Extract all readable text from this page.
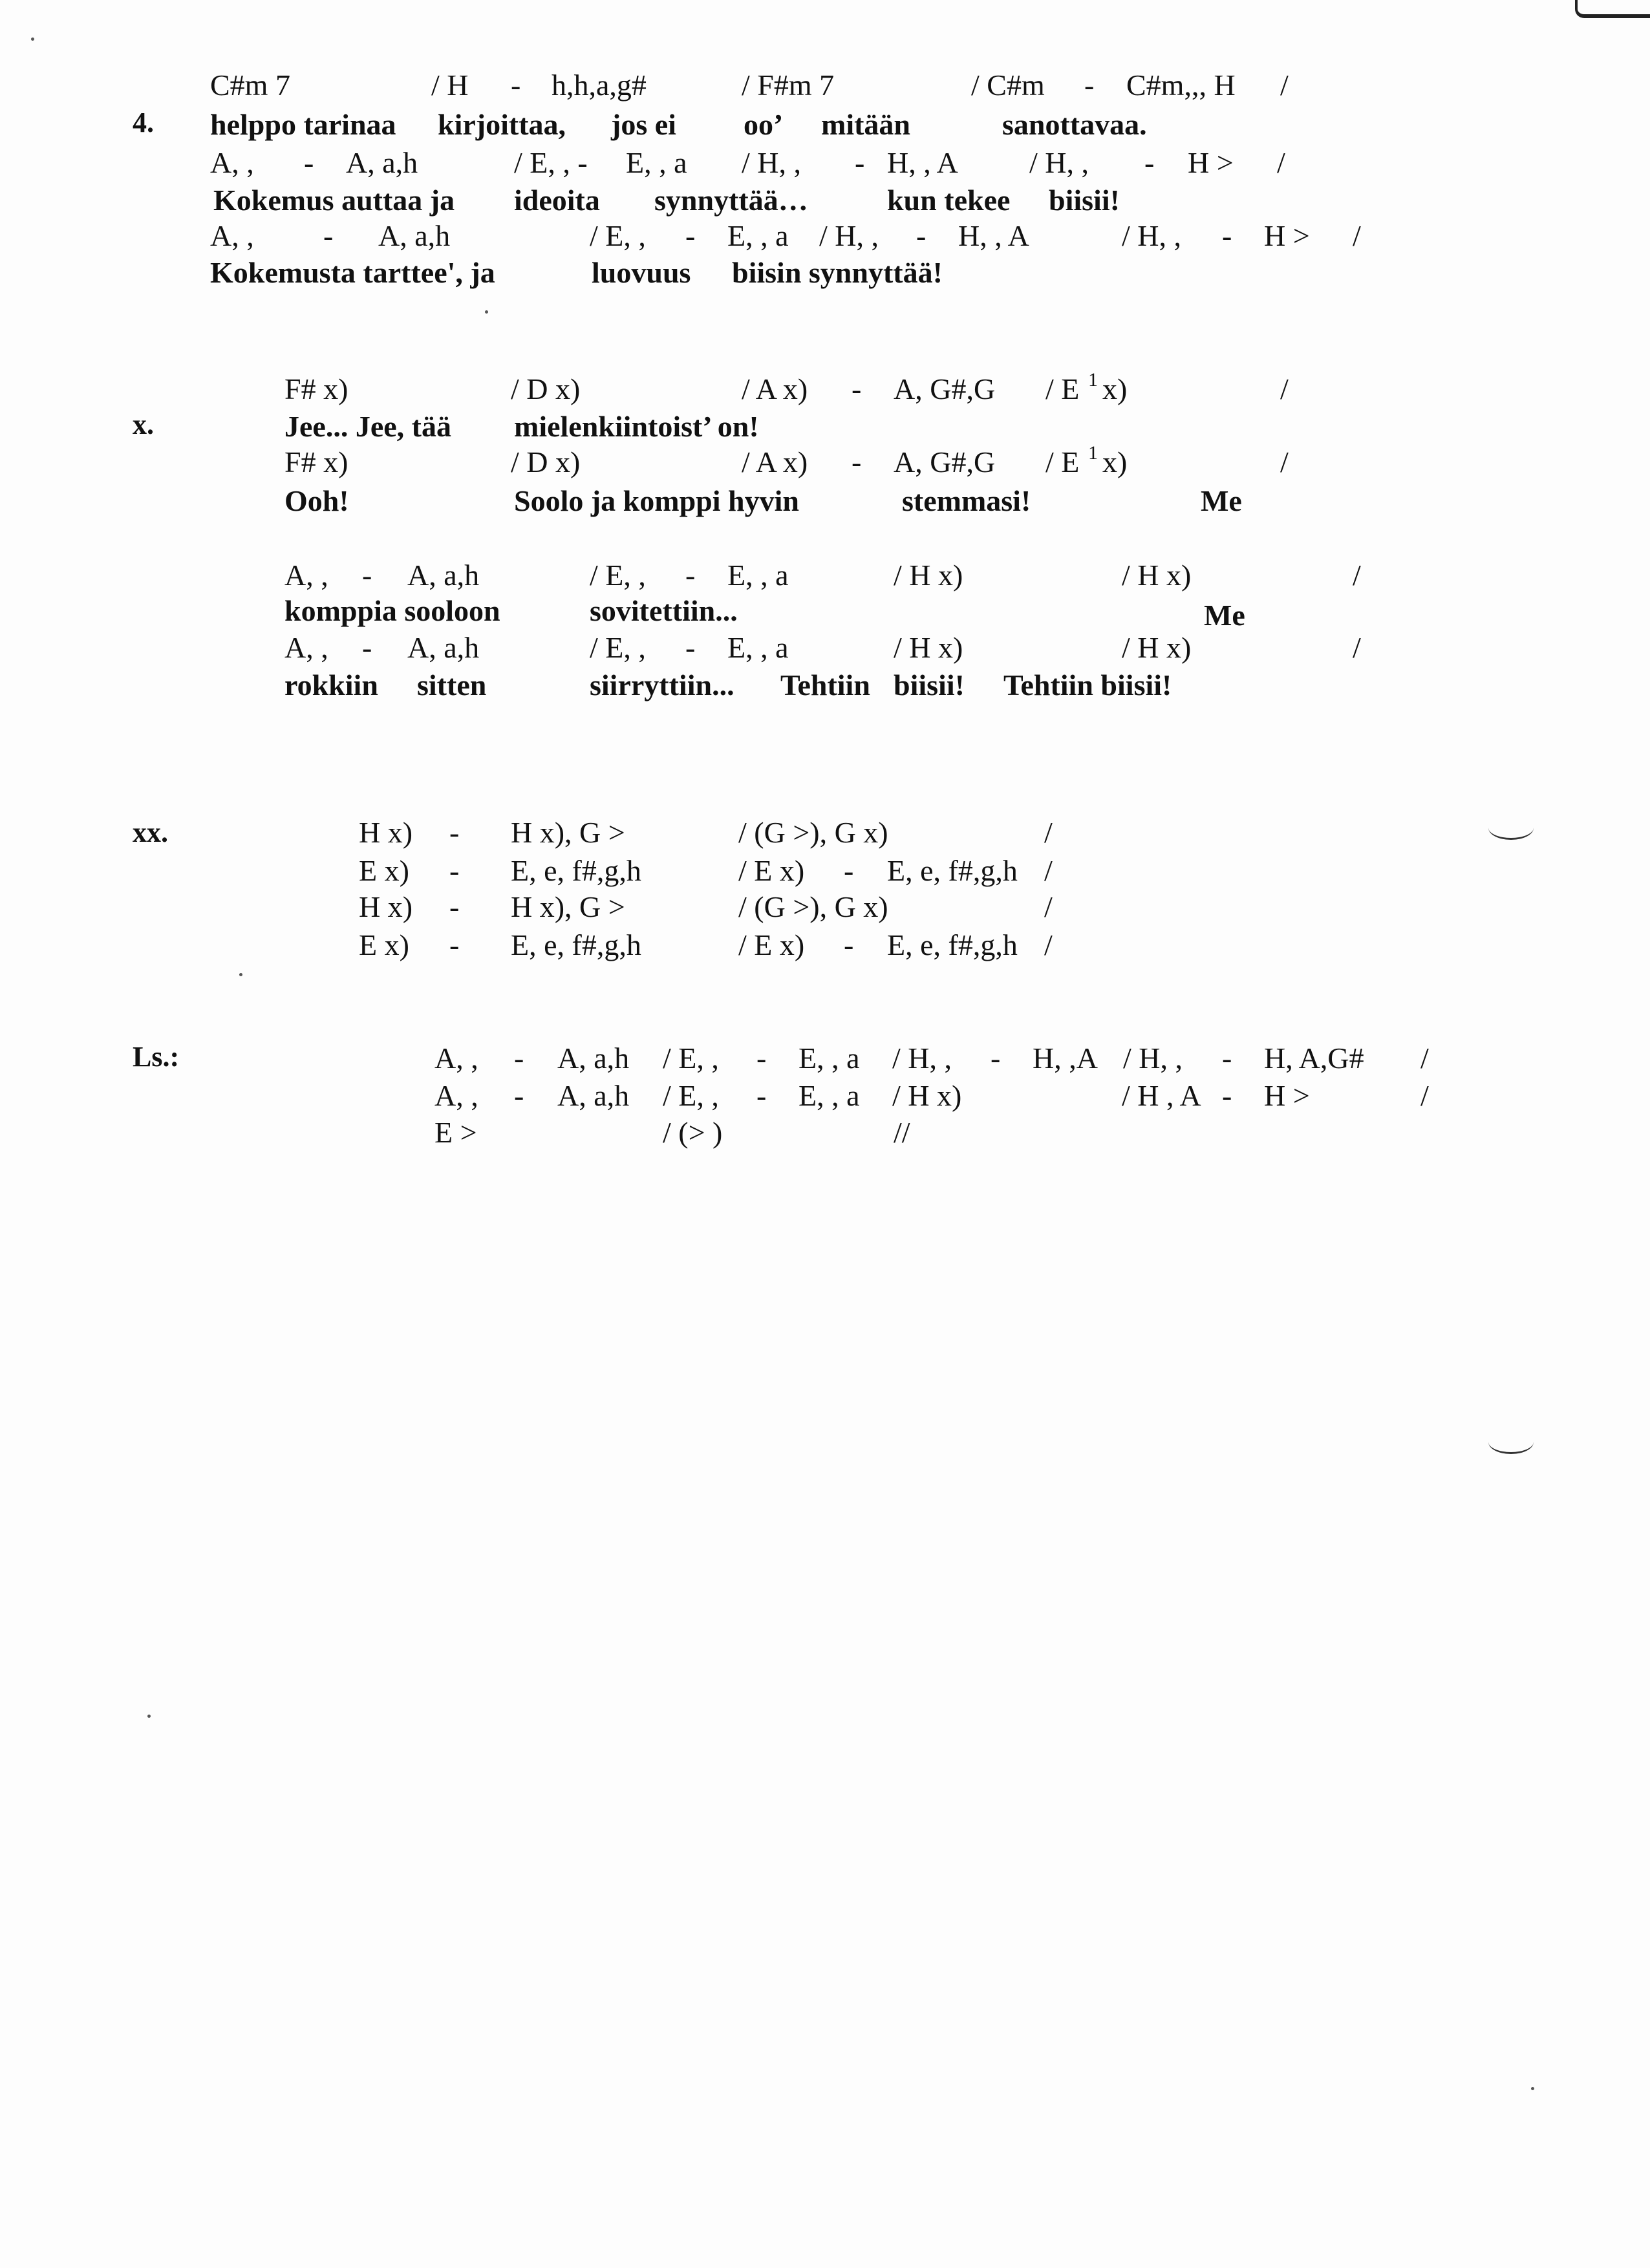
4.
C#m 7	/ H - h,h,a,g#	/ F#m 7	/ C#m - C#m,,, H /
helppo tarinaa kirjoittaa, jos ei oo’ mitään	sanottavaa.
A, , - A, a,h	/ E, , - E, , a / H, , - H, , A / H, , - H > /
Kokemus auttaa ja ideoita synnyttää…	kun tekee biisii!
A, , - A, a,h	/ E, , - E, , a / H, , - H, , A	/ H, , - H > /
Kokemusta tarttee', ja	luovuus biisin synnyttää!
x.
F# x)	/ D x)	/ A x) - A, G#,G / E 1 x)	/
Jee... Jee, tää mielenkiintoist’ on!
F# x)	/ D x)	/ A x) - A, G#,G / E 1 x)	/
Ooh!	Soolo ja komppi hyvin	stemmasi!	Me
A, , - A, a,h	/ E, , - E, , a	/ H x)	/ H x)	/
komppia sooloon	sovitettiin...	Me
A, , - A, a,h	/ E, , - E, , a	/ H x)	/ H x)	/
rokkiin sitten	siirryttiin... Tehtiin biisii! Tehtiin biisii!
xx.	H x) - H x), G >	/ (G >), G x)	/
E x) - E, e, f#,g,h	/ E x) - E, e, f#,g,h /
H x) - H x), G >	/ (G >), G x)	/
E x) - E, e, f#,g,h	/ E x) - E, e, f#,g,h /
Ls.:	A, , - A, a,h / E, , - E, , a / H, , - H, ,A / H, , - H, A,G# /
A, , - A, a,h / E, , - E, , a / H x)	/ H , A - H >	/
E >	/ (> )	//
